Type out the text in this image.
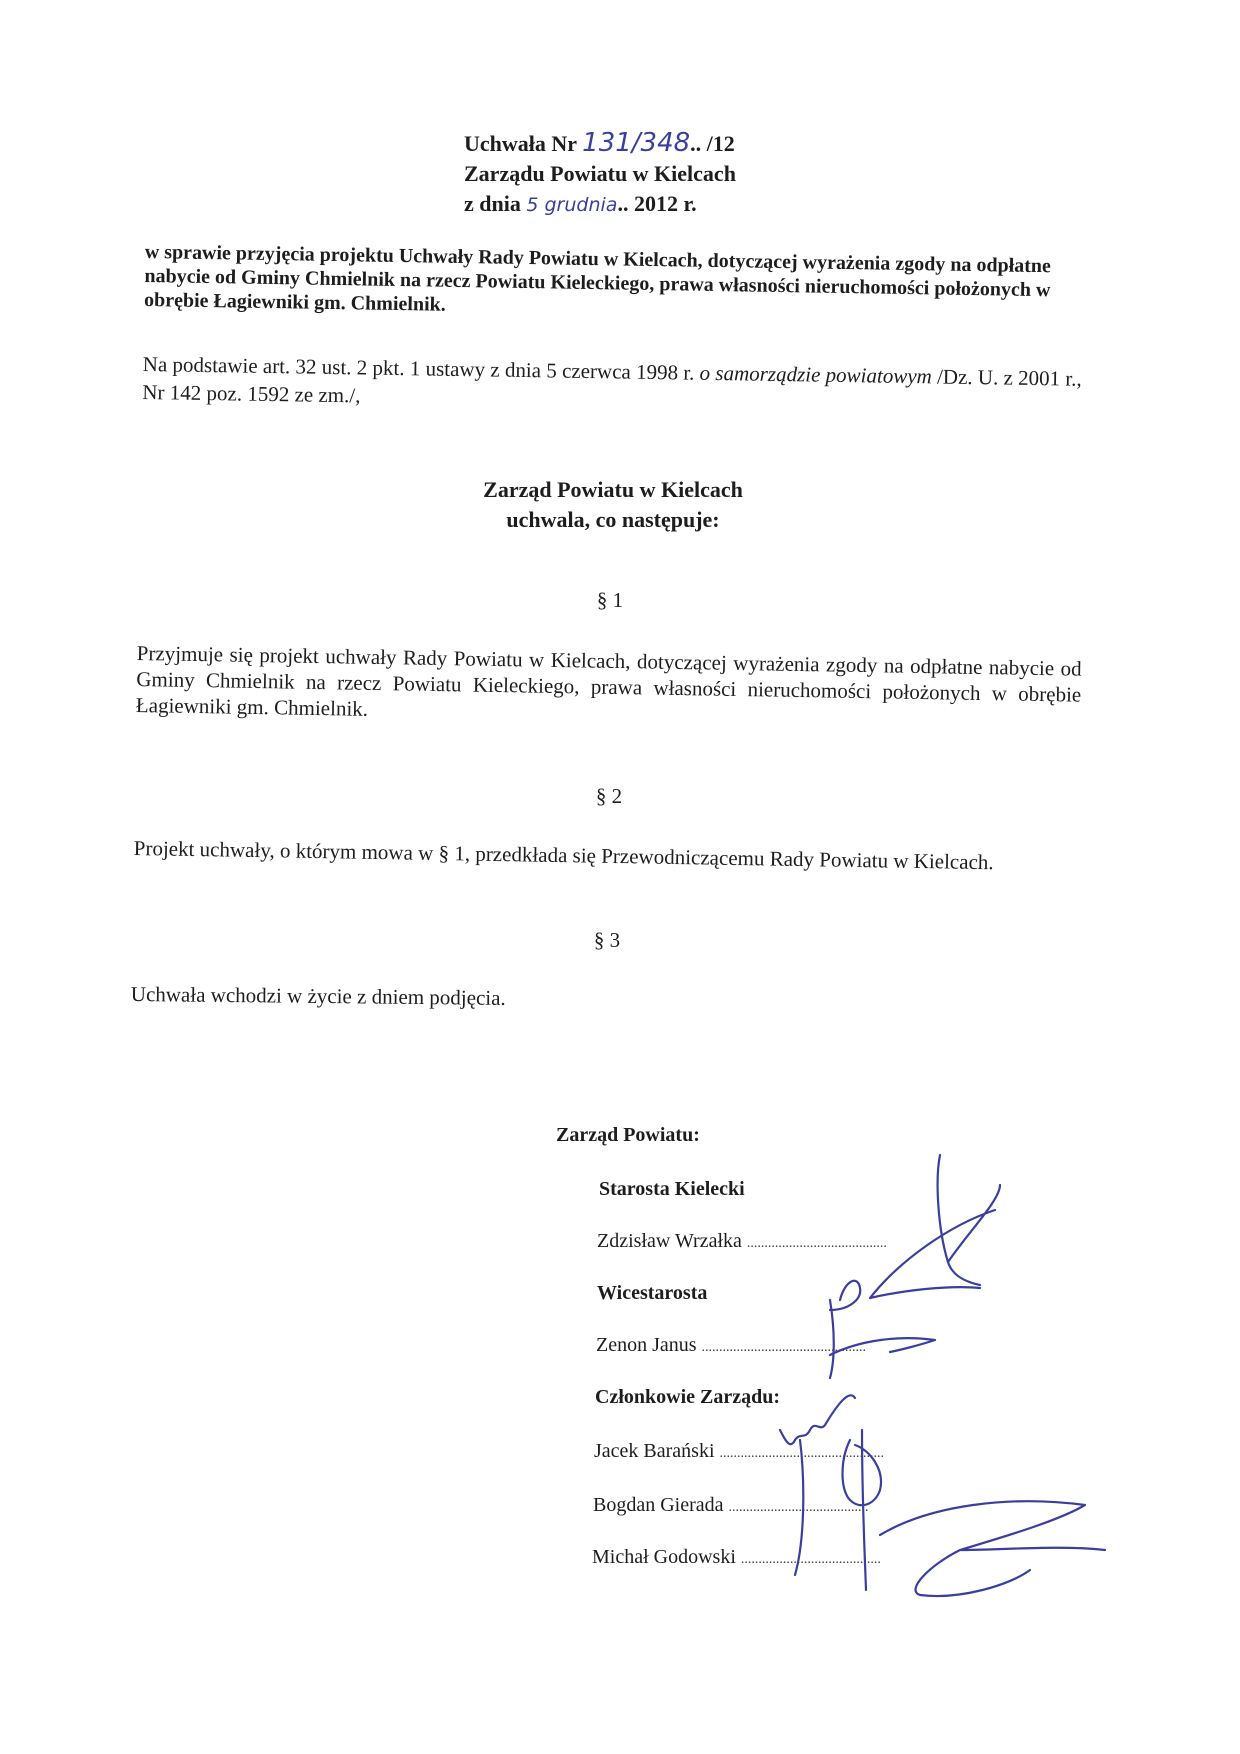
Uchwała Nr 131/348.. /12
Zarządu Powiatu w Kielcach
z dnia 5 grudnia.. 2012 r.
w sprawie przyjęcia projektu Uchwały Rady Powiatu w Kielcach, dotyczącej wyrażenia zgody na odpłatne nabycie od Gminy Chmielnik na rzecz Powiatu Kieleckiego, prawa własności nieruchomości położonych w obrębie Łagiewniki gm. Chmielnik.
Na podstawie art. 32 ust. 2 pkt. 1 ustawy z dnia 5 czerwca 1998 r. o samorządzie powiatowym /Dz. U. z 2001 r., Nr 142 poz. 1592 ze zm./,
Zarząd Powiatu w Kielcach
uchwala, co następuje:
§ 1
Przyjmuje się projekt uchwały Rady Powiatu w Kielcach, dotyczącej wyrażenia zgody na odpłatne nabycie od Gminy Chmielnik na rzecz Powiatu Kieleckiego, prawa własności nieruchomości położonych w obrębie Łagiewniki gm. Chmielnik.
§ 2
Projekt uchwały, o którym mowa w § 1, przedkłada się Przewodniczącemu Rady Powiatu w Kielcach.
§ 3
Uchwała wchodzi w życie z dniem podjęcia.
Zarząd Powiatu:
Starosta Kielecki
Zdzisław Wrzałka ........................................
Wicestarosta
Zenon Janus ...............................................
Członkowie Zarządu:
Jacek Barański ...............................................
Bogdan Gierada ........................................
Michał Godowski ........................................
